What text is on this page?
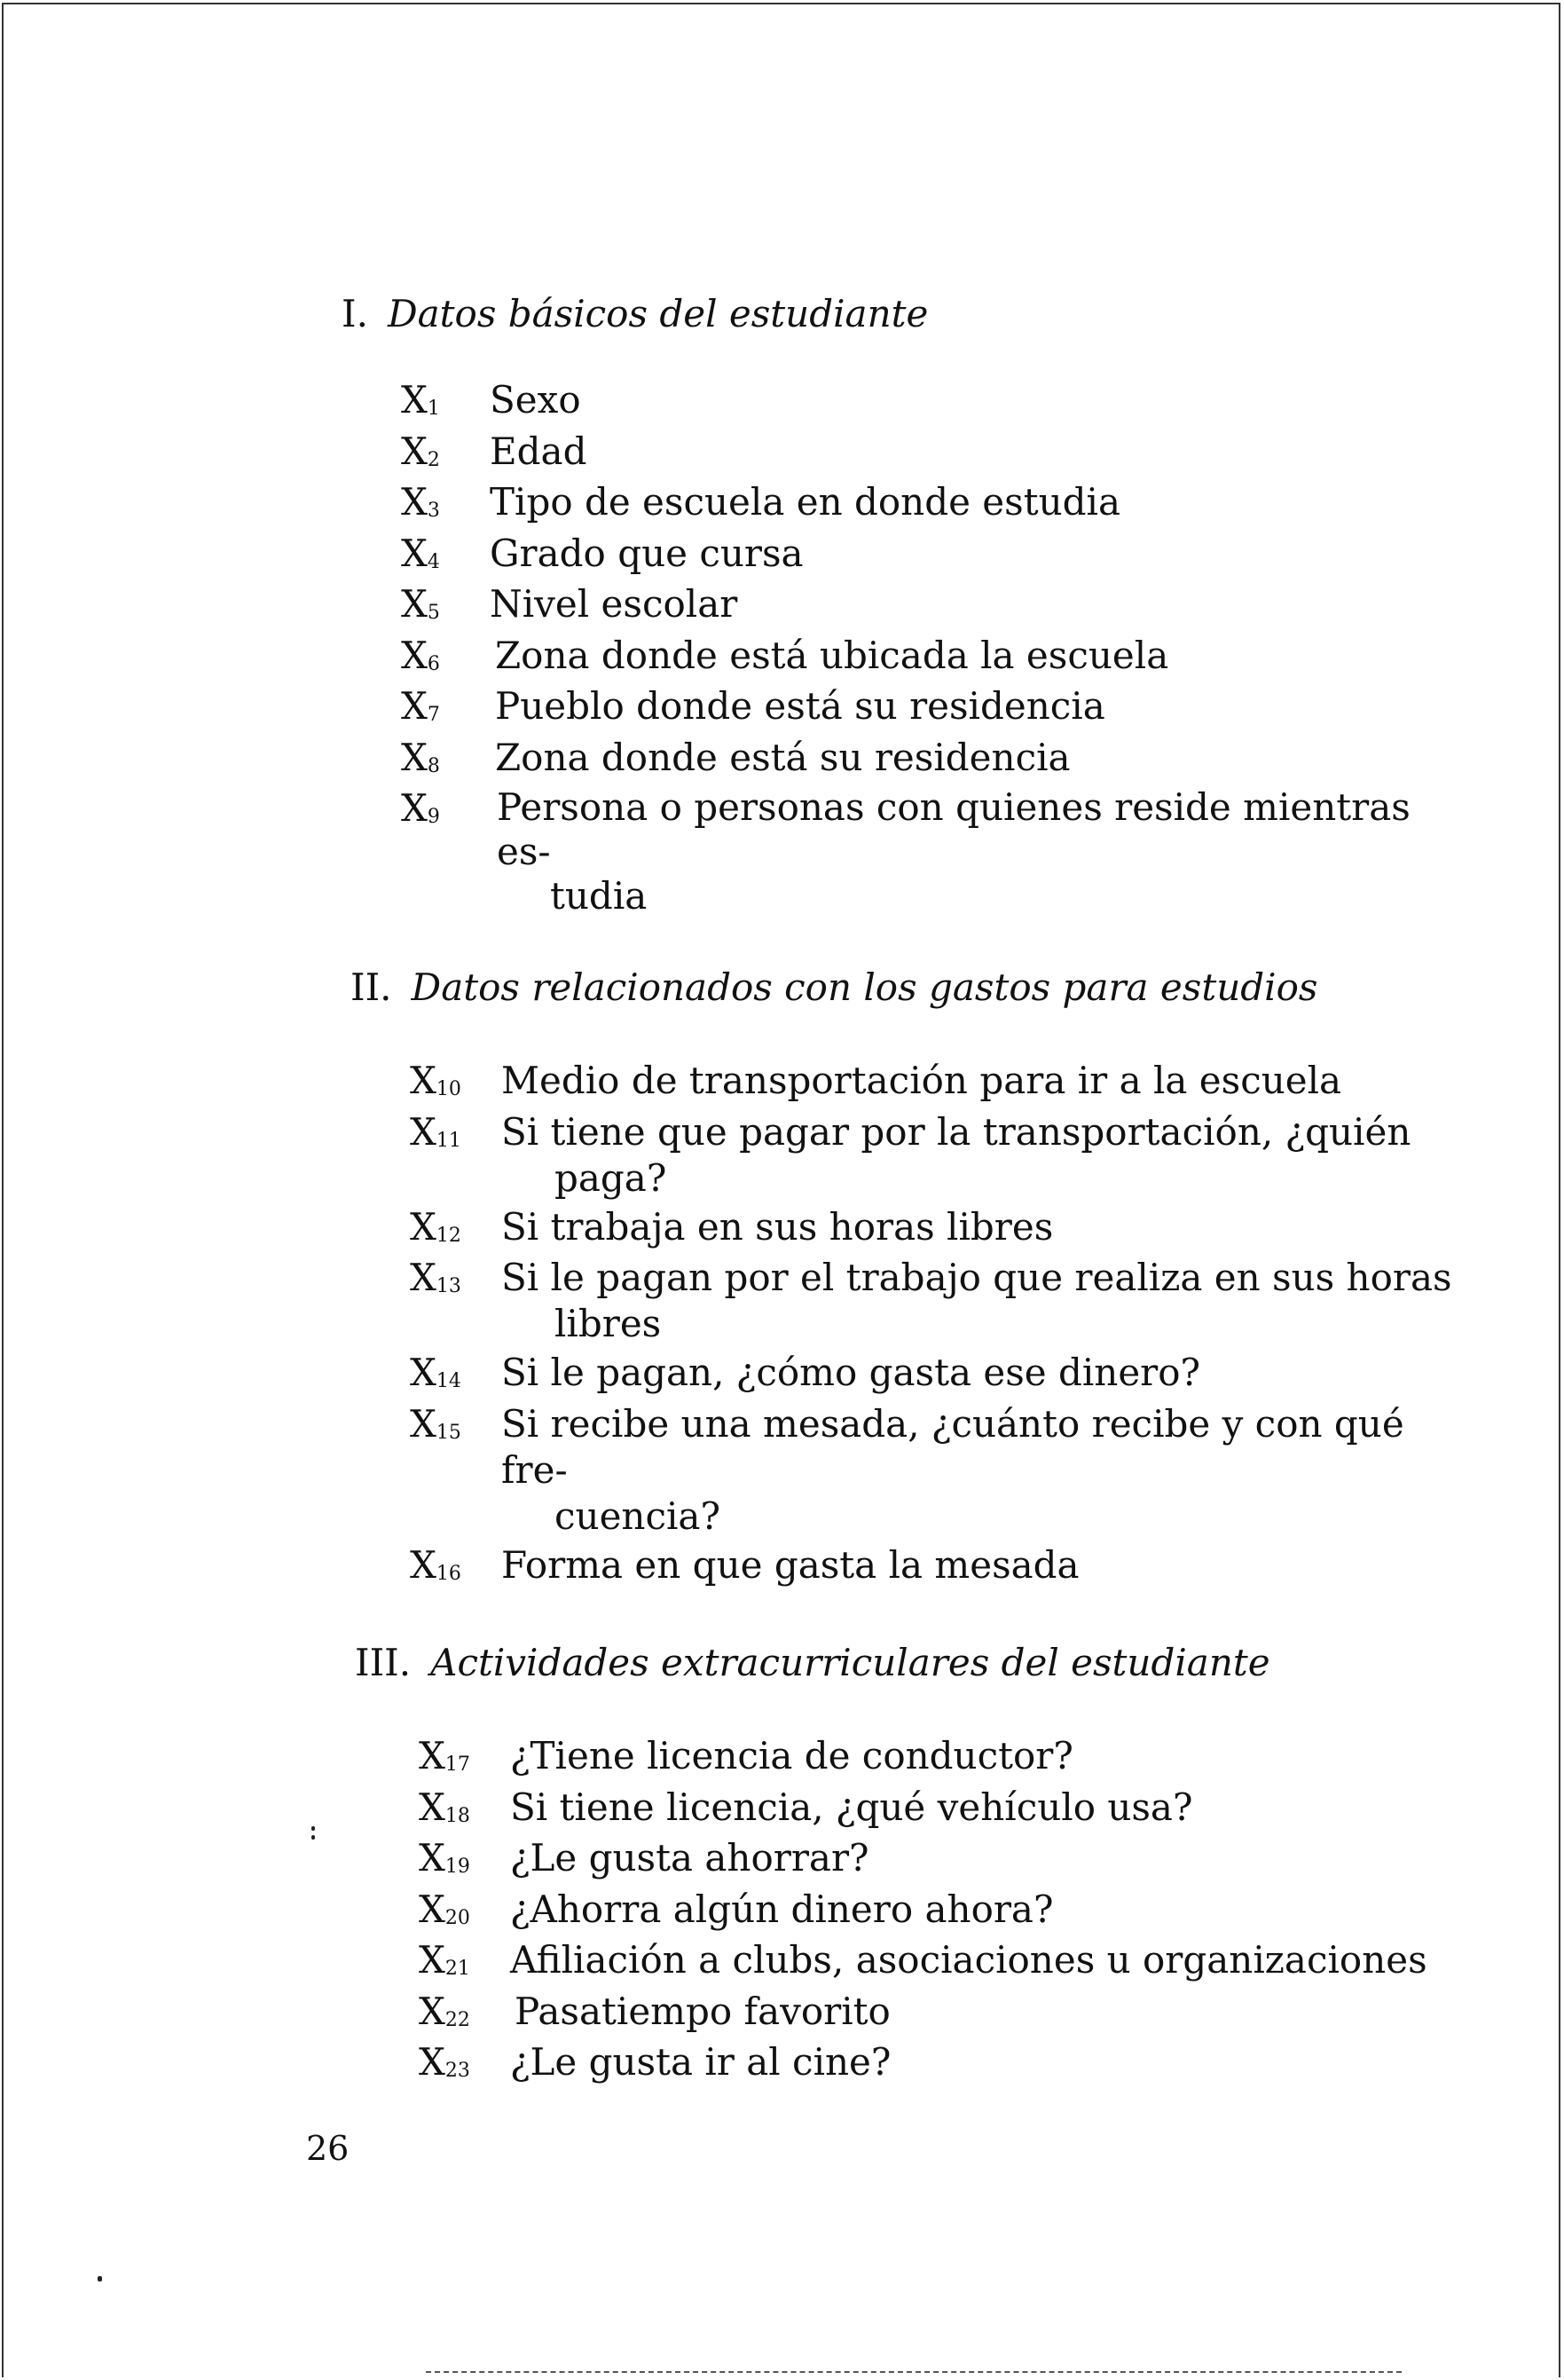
I. Datos básicos del estudiante
X1	Sexo
X2	Edad
X3	Tipo de escuela en donde estudia
X4	Grado que cursa
X5	Nivel escolar
X6	Zona donde está ubicada la escuela
X7	Pueblo donde está su residencia
X8	Zona donde está su residencia
X9	Persona o personas con quienes reside mientras es-
tudia
II. Datos relacionados con los gastos para estudios
X10	Medio de transportación para ir a la escuela
X11	Si tiene que pagar por la transportación, ¿quién
paga?
X12	Si trabaja en sus horas libres
X13	Si le pagan por el trabajo que realiza en sus horas
libres
X14	Si le pagan, ¿cómo gasta ese dinero?
X15	Si recibe una mesada, ¿cuánto recibe y con qué fre-
cuencia?
X16	Forma en que gasta la mesada
III. Actividades extracurriculares del estudiante
X17	¿Tiene licencia de conductor?
X18	Si tiene licencia, ¿qué vehículo usa?
X19	¿Le gusta ahorrar?
X20	¿Ahorra algún dinero ahora?
X21	Afiliación a clubs, asociaciones u organizaciones
X22	Pasatiempo favorito
X23	¿Le gusta ir al cine?
26
